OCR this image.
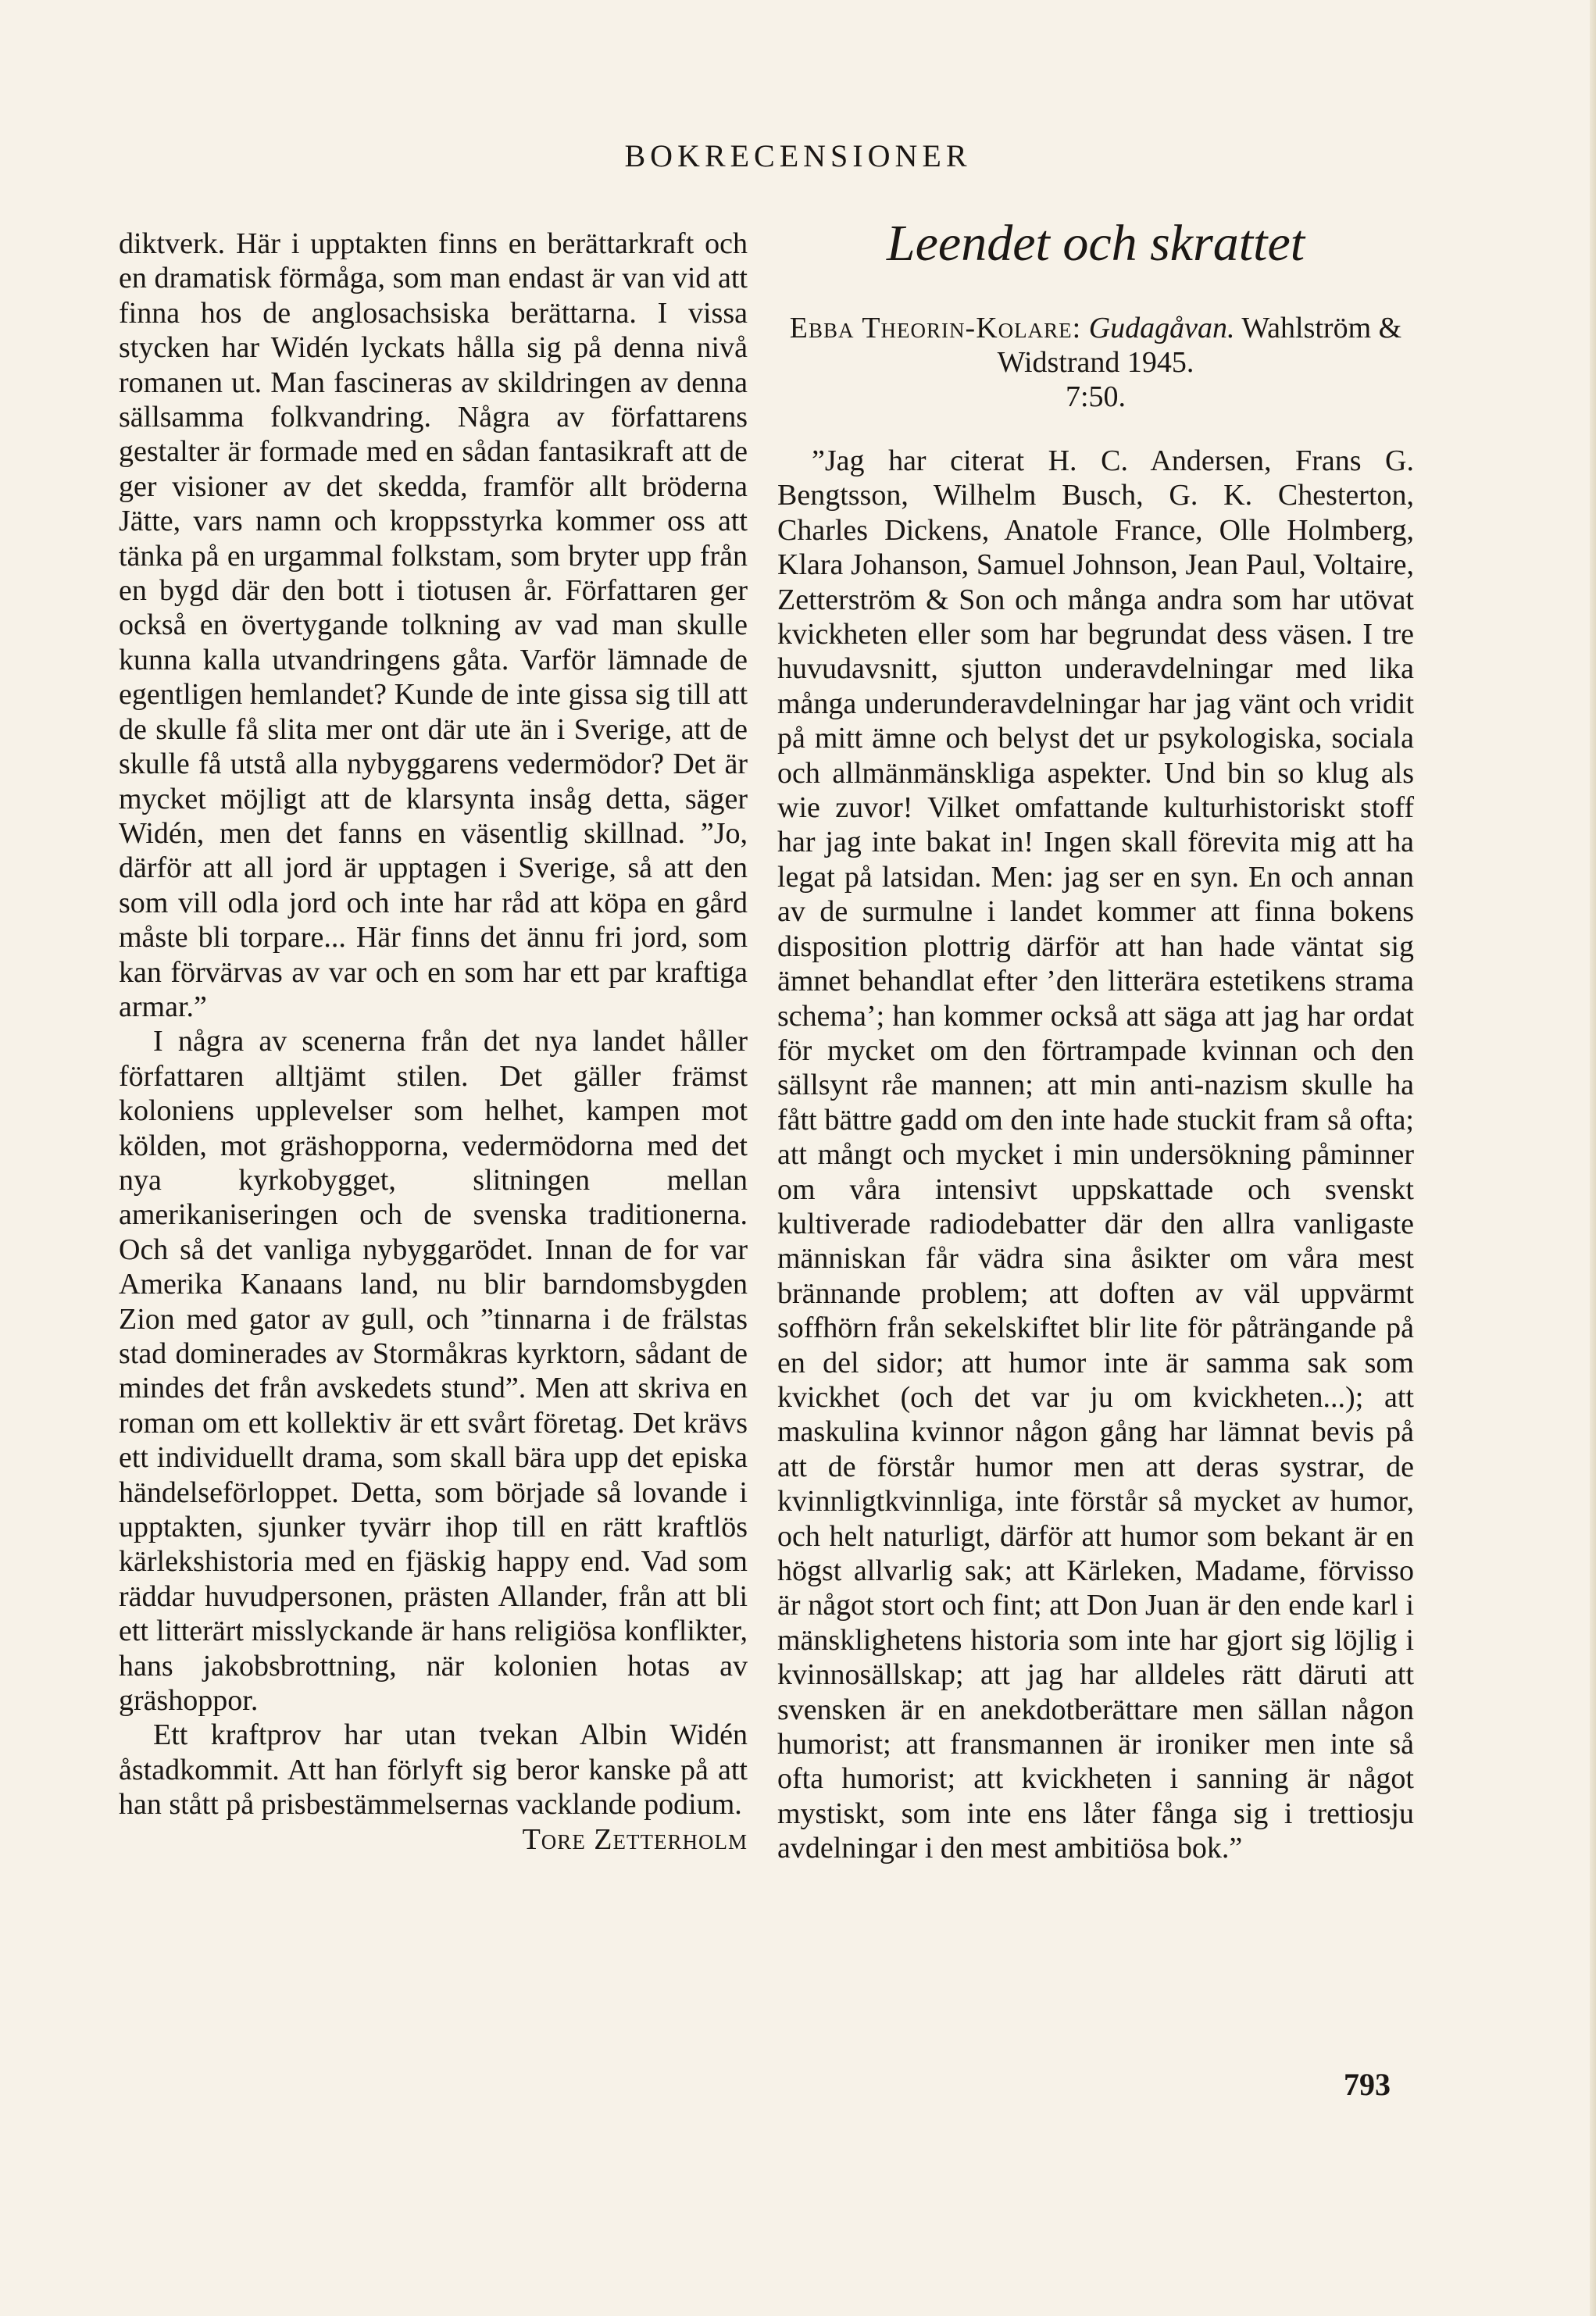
BOKRECENSIONER

diktverk. Här i upptakten finns en berättarkraft och en dramatisk förmåga, som man endast är van vid att finna hos de anglosachsiska berättarna. I vissa stycken har Widén lyckats hålla sig på denna nivå romanen ut. Man fascineras av skildringen av denna sällsamma folkvandring. Några av författarens gestalter är formade med en sådan fantasikraft att de ger visioner av det skedda, framför allt bröderna Jätte, vars namn och kroppsstyrka kommer oss att tänka på en urgammal folkstam, som bryter upp från en bygd där den bott i tiotusen år. Författaren ger också en övertygande tolkning av vad man skulle kunna kalla utvandringens gåta. Varför lämnade de egentligen hemlandet? Kunde de inte gissa sig till att de skulle få slita mer ont där ute än i Sverige, att de skulle få utstå alla nybyggarens vedermödor? Det är mycket möjligt att de klarsynta insåg detta, säger Widén, men det fanns en väsentlig skillnad. ”Jo, därför att all jord är upptagen i Sverige, så att den som vill odla jord och inte har råd att köpa en gård måste bli torpare... Här finns det ännu fri jord, som kan förvärvas av var och en som har ett par kraftiga armar.”

I några av scenerna från det nya landet håller författaren alltjämt stilen. Det gäller främst koloniens upplevelser som helhet, kampen mot kölden, mot gräshopporna, vedermödorna med det nya kyrkobygget, slitningen mellan amerikaniseringen och de svenska traditionerna. Och så det vanliga nybyggarödet. Innan de for var Amerika Kanaans land, nu blir barndomsbygden Zion med gator av gull, och ”tinnarna i de frälstas stad dominerades av Stormåkras kyrktorn, sådant de mindes det från avskedets stund”. Men att skriva en roman om ett kollektiv är ett svårt företag. Det krävs ett individuellt drama, som skall bära upp det episka händelseförloppet. Detta, som började så lovande i upptakten, sjunker tyvärr ihop till en rätt kraftlös kärlekshistoria med en fjäskig happy end. Vad som räddar huvudpersonen, prästen Allander, från att bli ett litterärt misslyckande är hans religiösa konflikter, hans jakobsbrottning, när kolonien hotas av gräshoppor.

Ett kraftprov har utan tvekan Albin Widén åstadkommit. Att han förlyft sig beror kanske på att han stått på prisbestämmelsernas vacklande podium.

Tore Zetterholm
Leendet och skrattet
Ebba Theorin-Kolare: Gudagåvan. Wahlström & Widstrand 1945.
7:50.

”Jag har citerat H. C. Andersen, Frans G. Bengtsson, Wilhelm Busch, G. K. Chesterton, Charles Dickens, Anatole France, Olle Holmberg, Klara Johanson, Samuel Johnson, Jean Paul, Voltaire, Zetterström & Son och många andra som har utövat kvickheten eller som har begrundat dess väsen. I tre huvudavsnitt, sjutton underavdelningar med lika många underunderavdelningar har jag vänt och vridit på mitt ämne och belyst det ur psykologiska, sociala och allmänmänskliga aspekter. Und bin so klug als wie zuvor! Vilket omfattande kulturhistoriskt stoff har jag inte bakat in! Ingen skall förevita mig att ha legat på latsidan. Men: jag ser en syn. En och annan av de surmulne i landet kommer att finna bokens disposition plottrig därför att han hade väntat sig ämnet behandlat efter ’den litterära estetikens strama schema’; han kommer också att säga att jag har ordat för mycket om den förtrampade kvinnan och den sällsynt råe mannen; att min anti-nazism skulle ha fått bättre gadd om den inte hade stuckit fram så ofta; att mångt och mycket i min undersökning påminner om våra intensivt uppskattade och svenskt kultiverade radiodebatter där den allra vanligaste människan får vädra sina åsikter om våra mest brännande problem; att doften av väl uppvärmt soffhörn från sekelskiftet blir lite för påträngande på en del sidor; att humor inte är samma sak som kvickhet (och det var ju om kvickheten...); att maskulina kvinnor någon gång har lämnat bevis på att de förstår humor men att deras systrar, de kvinnligtkvinnliga, inte förstår så mycket av humor, och helt naturligt, därför att humor som bekant är en högst allvarlig sak; att Kärleken, Madame, förvisso är något stort och fint; att Don Juan är den ende karl i mänsklighetens historia som inte har gjort sig löjlig i kvinnosällskap; att jag har alldeles rätt däruti att svensken är en anekdotberättare men sällan någon humorist; att fransmannen är ironiker men inte så ofta humorist; att kvickheten i sanning är något mystiskt, som inte ens låter fånga sig i trettiosju avdelningar i den mest ambitiösa bok.”

793
